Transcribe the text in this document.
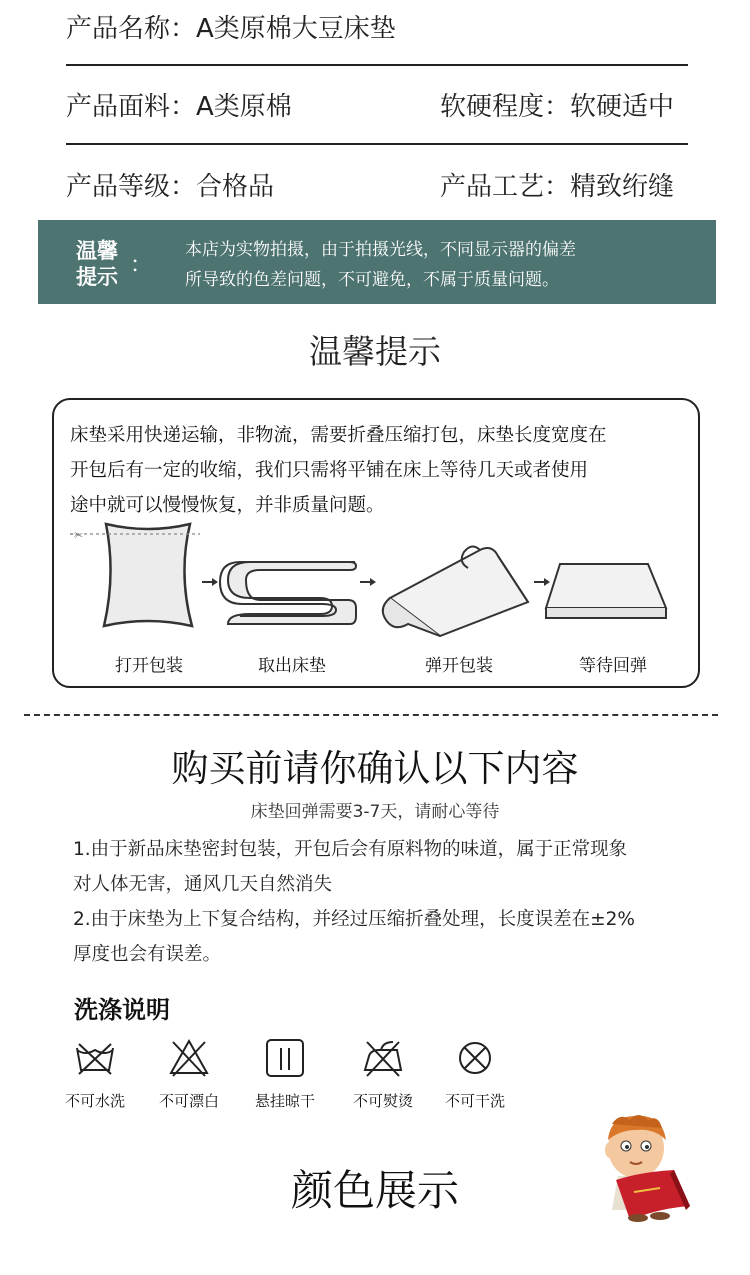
产品名称：A类原棉大豆床垫
产品面料：A类原棉	软硬程度：软硬适中
产品等级：合格品	产品工艺：精致绗缝
温馨
提示 ：
本店为实物拍摄，由于拍摄光线，不同显示器的偏差
所导致的色差问题，不可避免，不属于质量问题。
温馨提示
床垫采用快递运输，非物流，需要折叠压缩打包，床垫长度宽度在
开包后有一定的收缩，我们只需将平铺在床上等待几天或者使用
途中就可以慢慢恢复，并非质量问题。
✂
打开包装	取出床垫	弹开包装	等待回弹
购买前请你确认以下内容
床垫回弹需要3-7天，请耐心等待
1.由于新品床垫密封包装，开包后会有原料物的味道，属于正常现象
对人体无害，通风几天自然消失
2.由于床垫为上下复合结构，并经过压缩折叠处理，长度误差在±2%
厚度也会有误差。
洗涤说明
不可水洗	不可漂白	悬挂晾干	不可熨烫	不可干洗
颜色展示
